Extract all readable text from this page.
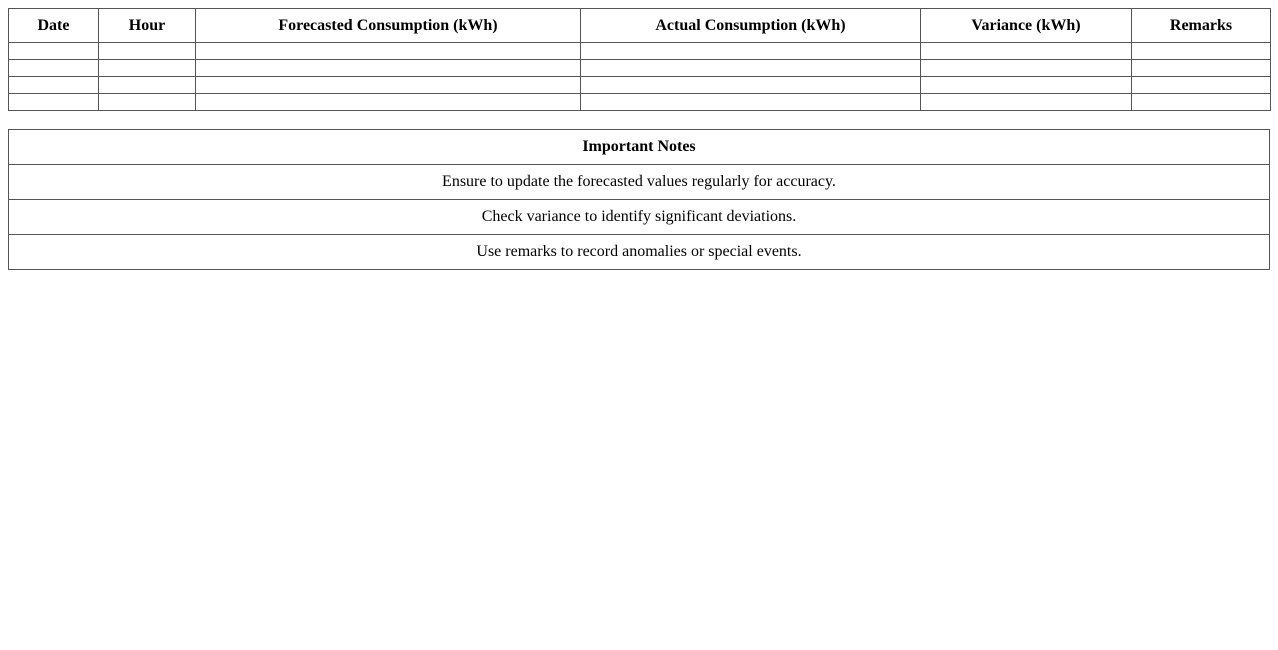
Date	Hour	Forecasted Consumption (kWh)	Actual Consumption (kWh)	Variance (kWh)	Remarks

Important Notes
Ensure to update the forecasted values regularly for accuracy.
Check variance to identify significant deviations.
Use remarks to record anomalies or special events.
